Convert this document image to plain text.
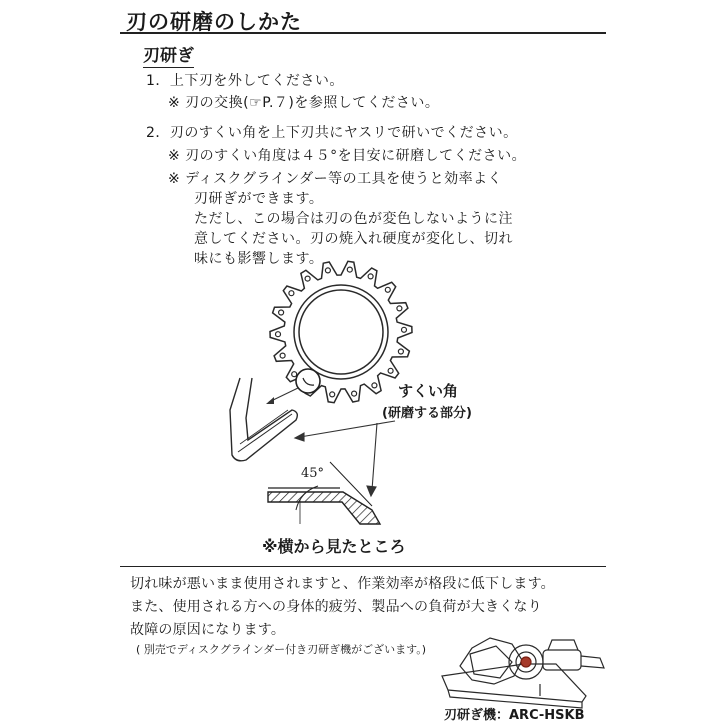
刃の研磨のしかた
刃研ぎ
1．上下刃を外してください。
※ 刃の交換(☞P.７)を参照してください。
2．刃のすくい角を上下刃共にヤスリで研いでください。
※ 刃のすくい角度は４５°を目安に研磨してください。
※ ディスクグラインダー等の工具を使うと効率よく
刃研ぎができます。
ただし、この場合は刃の色が変色しないように注
意してください。刃の焼入れ硬度が変化し、切れ
味にも影響します。
すくい角
(研磨する部分)
45°
※横から見たところ
切れ味が悪いまま使用されますと、作業効率が格段に低下します。
また、使用される方への身体的疲労、製品への負荷が大きくなり
故障の原因になります。
( 別売でディスクグラインダー付き刃研ぎ機がございます。)
刃研ぎ機：ARC-HSKB
